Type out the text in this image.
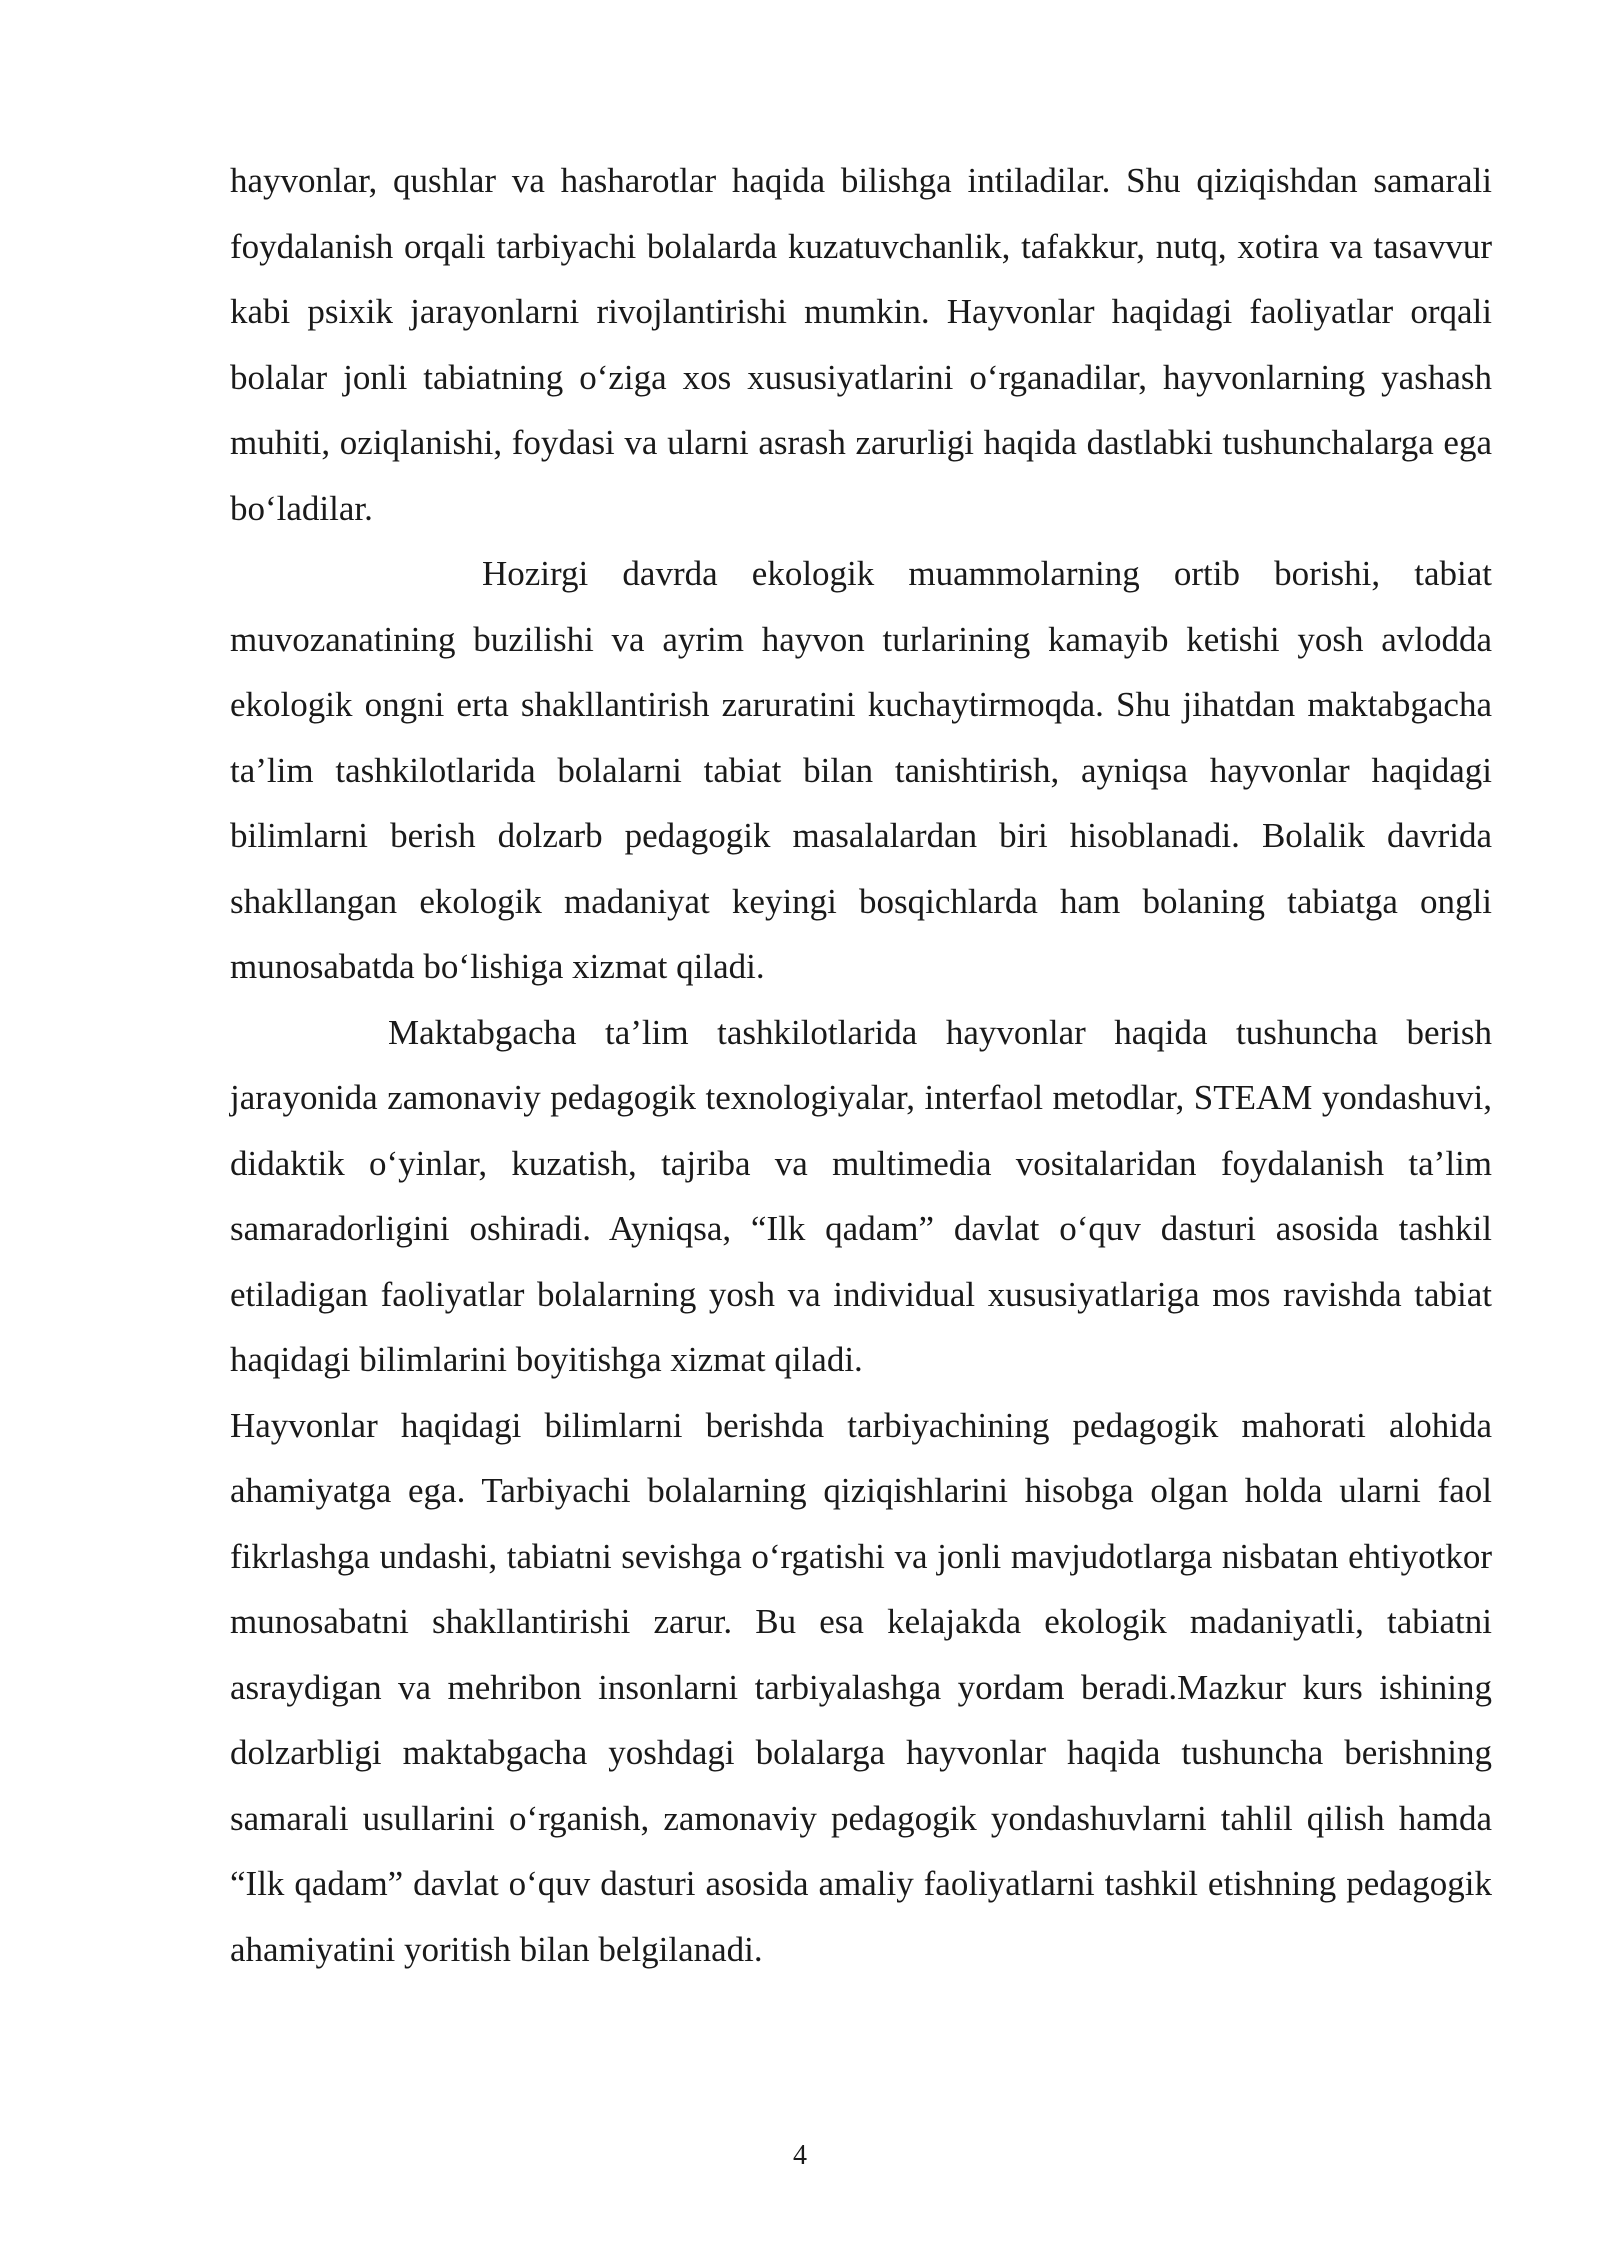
hayvonlar, qushlar va hasharotlar haqida bilishga intiladilar. Shu qiziqishdan samarali foydalanish orqali tarbiyachi bolalarda kuzatuvchanlik, tafakkur, nutq, xotira va tasavvur kabi psixik jarayonlarni rivojlantirishi mumkin. Hayvonlar haqidagi faoliyatlar orqali bolalar jonli tabiatning o‘ziga xos xususiyatlarini o‘rganadilar, hayvonlarning yashash muhiti, oziqlanishi, foydasi va ularni asrash zarurligi haqida dastlabki tushunchalarga ega bo‘ladilar.

Hozirgi davrda ekologik muammolarning ortib borishi, tabiat muvozanatining buzilishi va ayrim hayvon turlarining kamayib ketishi yosh avlodda ekologik ongni erta shakllantirish zaruratini kuchaytirmoqda. Shu jihatdan maktabgacha ta’lim tashkilotlarida bolalarni tabiat bilan tanishtirish, ayniqsa hayvonlar haqidagi bilimlarni berish dolzarb pedagogik masalalardan biri hisoblanadi. Bolalik davrida shakllangan ekologik madaniyat keyingi bosqichlarda ham bolaning tabiatga ongli munosabatda bo‘lishiga xizmat qiladi.

Maktabgacha ta’lim tashkilotlarida hayvonlar haqida tushuncha berish jarayonida zamonaviy pedagogik texnologiyalar, interfaol metodlar, STEAM yondashuvi, didaktik o‘yinlar, kuzatish, tajriba va multimedia vositalaridan foydalanish ta’lim samaradorligini oshiradi. Ayniqsa, “Ilk qadam” davlat o‘quv dasturi asosida tashkil etiladigan faoliyatlar bolalarning yosh va individual xususiyatlariga mos ravishda tabiat haqidagi bilimlarini boyitishga xizmat qiladi.

Hayvonlar haqidagi bilimlarni berishda tarbiyachining pedagogik mahorati alohida ahamiyatga ega. Tarbiyachi bolalarning qiziqishlarini hisobga olgan holda ularni faol fikrlashga undashi, tabiatni sevishga o‘rgatishi va jonli mavjudotlarga nisbatan ehtiyotkor munosabatni shakllantirishi zarur. Bu esa kelajakda ekologik madaniyatli, tabiatni asraydigan va mehribon insonlarni tarbiyalashga yordam beradi.Mazkur kurs ishining dolzarbligi maktabgacha yoshdagi bolalarga hayvonlar haqida tushuncha berishning samarali usullarini o‘rganish, zamonaviy pedagogik yondashuvlarni tahlil qilish hamda “Ilk qadam” davlat o‘quv dasturi asosida amaliy faoliyatlarni tashkil etishning pedagogik ahamiyatini yoritish bilan belgilanadi.

4
